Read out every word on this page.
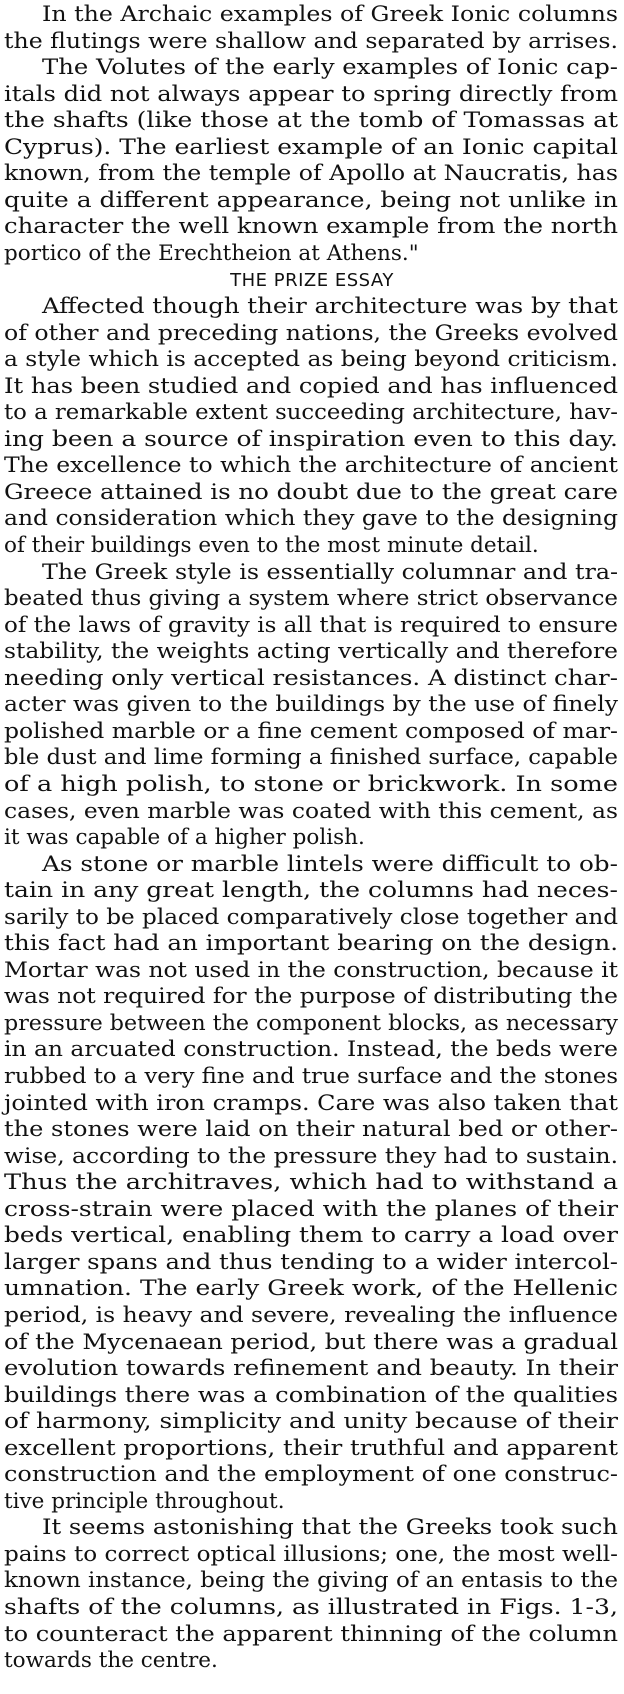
In the Archaic examples of Greek Ionic columns
the flutings were shallow and separated by arrises.
The Volutes of the early examples of Ionic cap-
itals did not always appear to spring directly from
the shafts (like those at the tomb of Tomassas at
Cyprus). The earliest example of an Ionic capital
known, from the temple of Apollo at Naucratis, has
quite a different appearance, being not unlike in
character the well known example from the north
portico of the Erechtheion at Athens."
THE PRIZE ESSAY
Affected though their architecture was by that
of other and preceding nations, the Greeks evolved
a style which is accepted as being beyond criticism.
It has been studied and copied and has influenced
to a remarkable extent succeeding architecture, hav-
ing been a source of inspiration even to this day.
The excellence to which the architecture of ancient
Greece attained is no doubt due to the great care
and consideration which they gave to the designing
of their buildings even to the most minute detail.
The Greek style is essentially columnar and tra-
beated thus giving a system where strict observance
of the laws of gravity is all that is required to ensure
stability, the weights acting vertically and therefore
needing only vertical resistances. A distinct char-
acter was given to the buildings by the use of finely
polished marble or a fine cement composed of mar-
ble dust and lime forming a finished surface, capable
of a high polish, to stone or brickwork. In some
cases, even marble was coated with this cement, as
it was capable of a higher polish.
As stone or marble lintels were difficult to ob-
tain in any great length, the columns had neces-
sarily to be placed comparatively close together and
this fact had an important bearing on the design.
Mortar was not used in the construction, because it
was not required for the purpose of distributing the
pressure between the component blocks, as necessary
in an arcuated construction. Instead, the beds were
rubbed to a very fine and true surface and the stones
jointed with iron cramps. Care was also taken that
the stones were laid on their natural bed or other-
wise, according to the pressure they had to sustain.
Thus the architraves, which had to withstand a
cross-strain were placed with the planes of their
beds vertical, enabling them to carry a load over
larger spans and thus tending to a wider intercol-
umnation. The early Greek work, of the Hellenic
period, is heavy and severe, revealing the influence
of the Mycenaean period, but there was a gradual
evolution towards refinement and beauty. In their
buildings there was a combination of the qualities
of harmony, simplicity and unity because of their
excellent proportions, their truthful and apparent
construction and the employment of one construc-
tive principle throughout.
It seems astonishing that the Greeks took such
pains to correct optical illusions; one, the most well-
known instance, being the giving of an entasis to the
shafts of the columns, as illustrated in Figs. 1-3,
to counteract the apparent thinning of the column
towards the centre.
